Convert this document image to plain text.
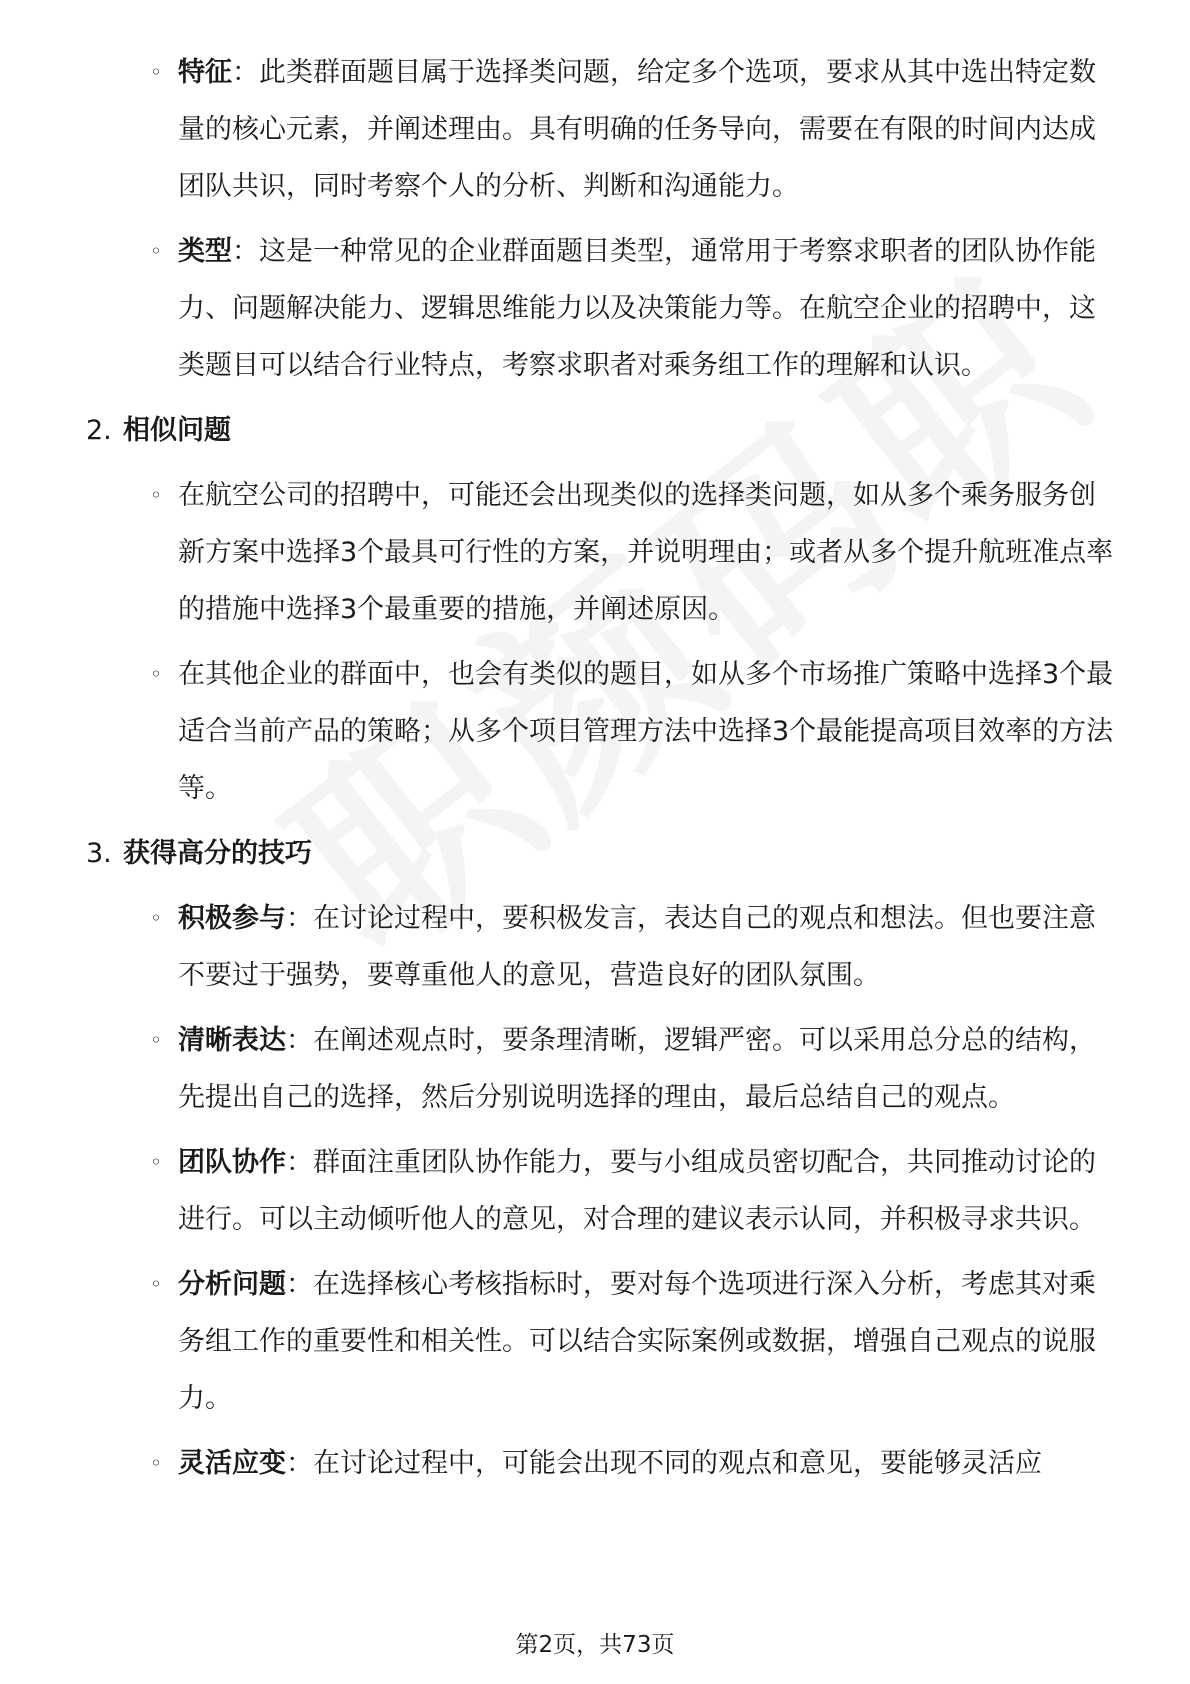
◦ 特征：此类群面题目属于选择类问题，给定多个选项，要求从其中选出特定数量的核心元素，并阐述理由。具有明确的任务导向，需要在有限的时间内达成团队共识，同时考察个人的分析、判断和沟通能力。
◦ 类型：这是一种常见的企业群面题目类型，通常用于考察求职者的团队协作能力、问题解决能力、逻辑思维能力以及决策能力等。在航空企业的招聘中，这类题目可以结合行业特点，考察求职者对乘务组工作的理解和认识。
2. 相似问题
◦ 在航空公司的招聘中，可能还会出现类似的选择类问题，如从多个乘务服务创新方案中选择3个最具可行性的方案，并说明理由；或者从多个提升航班准点率的措施中选择3个最重要的措施，并阐述原因。
◦ 在其他企业的群面中，也会有类似的题目，如从多个市场推广策略中选择3个最适合当前产品的策略；从多个项目管理方法中选择3个最能提高项目效率的方法等。
3. 获得高分的技巧
◦ 积极参与：在讨论过程中，要积极发言，表达自己的观点和想法。但也要注意不要过于强势，要尊重他人的意见，营造良好的团队氛围。
◦ 清晰表达：在阐述观点时，要条理清晰，逻辑严密。可以采用总分总的结构，先提出自己的选择，然后分别说明选择的理由，最后总结自己的观点。
◦ 团队协作：群面注重团队协作能力，要与小组成员密切配合，共同推动讨论的进行。可以主动倾听他人的意见，对合理的建议表示认同，并积极寻求共识。
◦ 分析问题：在选择核心考核指标时，要对每个选项进行深入分析，考虑其对乘务组工作的重要性和相关性。可以结合实际案例或数据，增强自己观点的说服力。
◦ 灵活应变：在讨论过程中，可能会出现不同的观点和意见，要能够灵活应
第2页，共73页
